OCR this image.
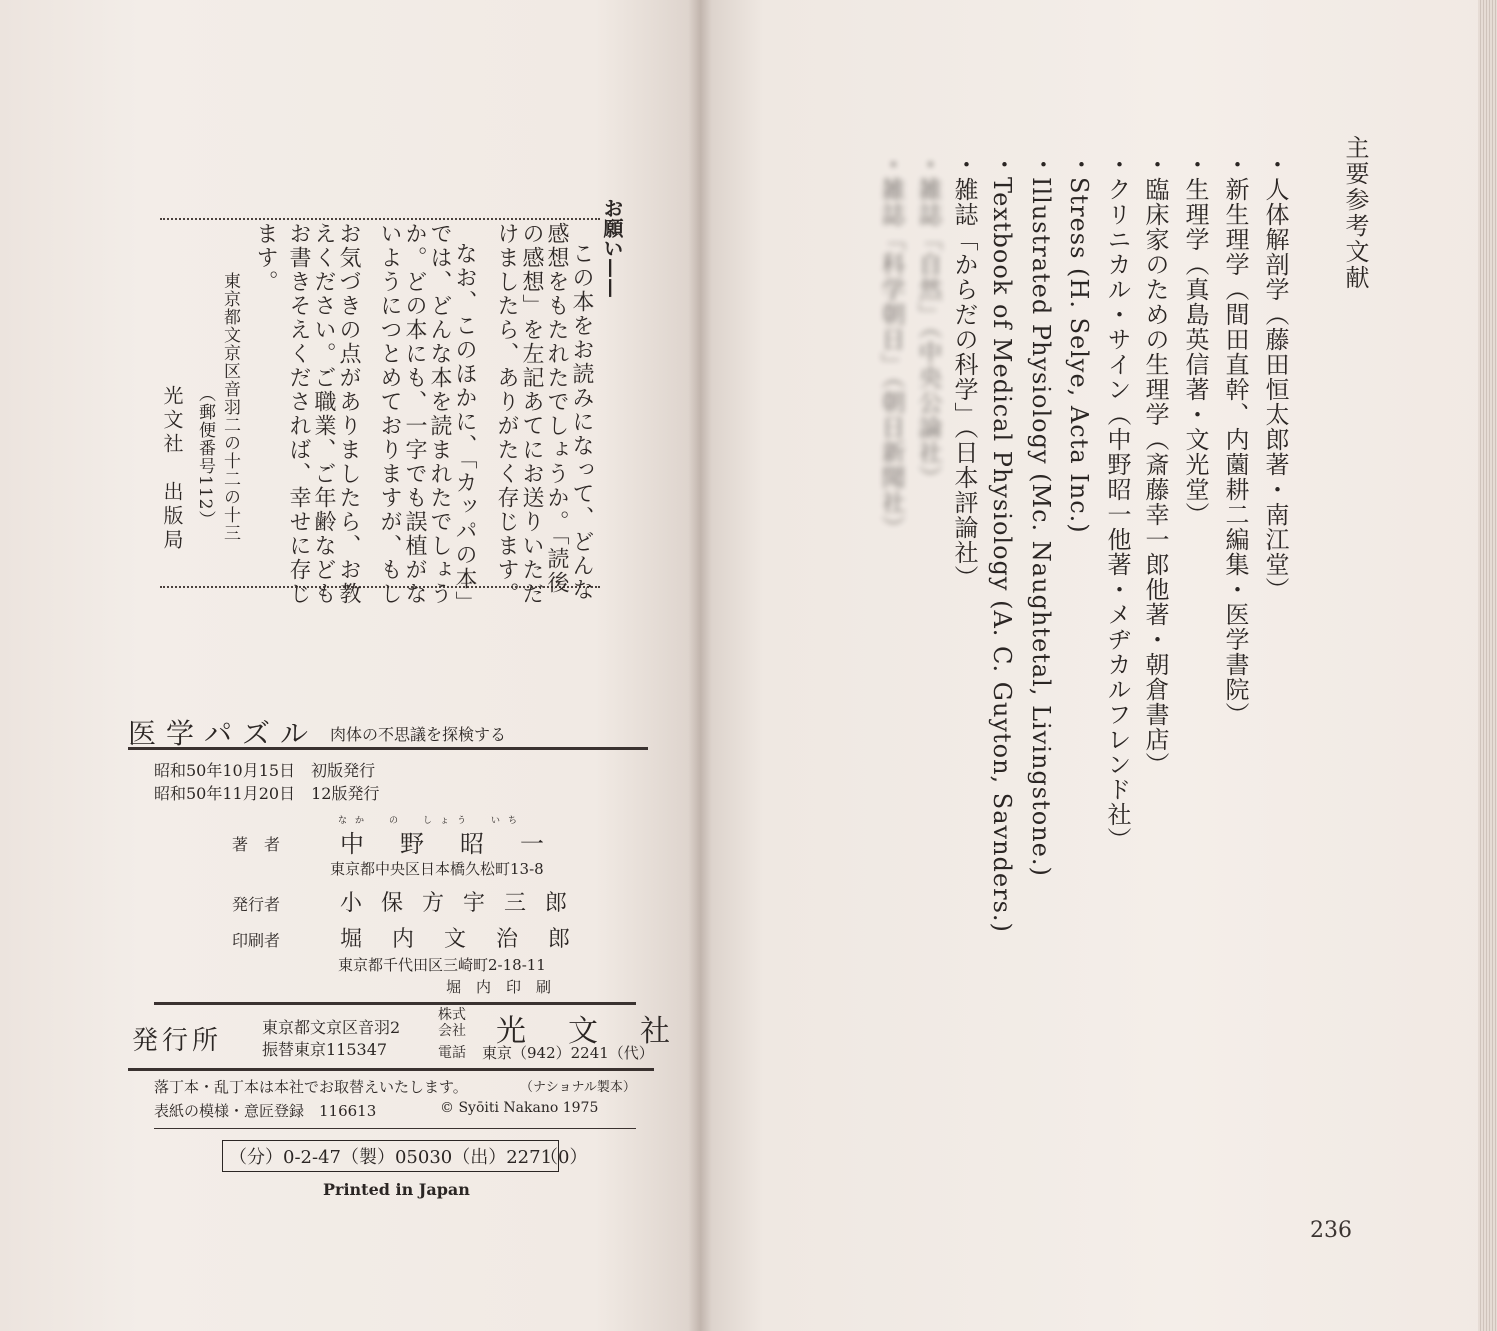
お願い——
この本をお読みになって、どんな
感想をもたれたでしょうか。「読後
の感想」を左記あてにお送りいただ
けましたら、ありがたく存じます。
なお、このほかに、「カッパの本」
では、どんな本を読まれたでしょう
か。どの本にも、一字でも誤植がな
いようにつとめておりますが、もし
お気づきの点がありましたら、お教
えください。ご職業、ご年齢なども
お書きそえくだされば、幸せに存じ
ます。
東京都文京区音羽二の十二の十三
（郵便番号112）
光文社　出版局
医学パズル 肉体の不思議を探検する
昭和50年10月15日　初版発行
昭和50年11月20日　12版発行
なか　の　しょう　いち
著　者 中　野　昭　一
東京都中央区日本橋久松町13-8
発行者	小 保 方 宇 三 郎
印刷者	堀　内　文　治　郎
東京都千代田区三崎町2-18-11
堀　内　印　刷
発行所 東京都文京区音羽2
振替東京115347
株式
会社
電話
光　文　社
東京（942）2241（代）
落丁本・乱丁本は本社でお取替えいたします。	（ナショナル製本）
表紙の模様・意匠登録　116613	© Syōiti Nakano 1975
（分）0-2-47（製）05030（出）2271
（0）
Printed in Japan
主要参考文献
・人体解剖学（藤田恒太郎著・南江堂）
・新生理学（間田直幹、内薗耕二編集・医学書院）
・生理学（真島英信著・文光堂）
・臨床家のための生理学（斎藤幸一郎他著・朝倉書店）
・クリニカル・サイン（中野昭一他著・メヂカルフレンド社）
・Stress (H. Selye, Acta Inc.)
・Illustrated Physiology (Mc. Naughtetal, Livingstone.)
・Textbook of Medical Physiology (A. C. Guyton, Savnders.)
・雑誌「からだの科学」（日本評論社）
・雑誌「自然」（中央公論社）
・雑誌「科学朝日」（朝日新聞社）
236
